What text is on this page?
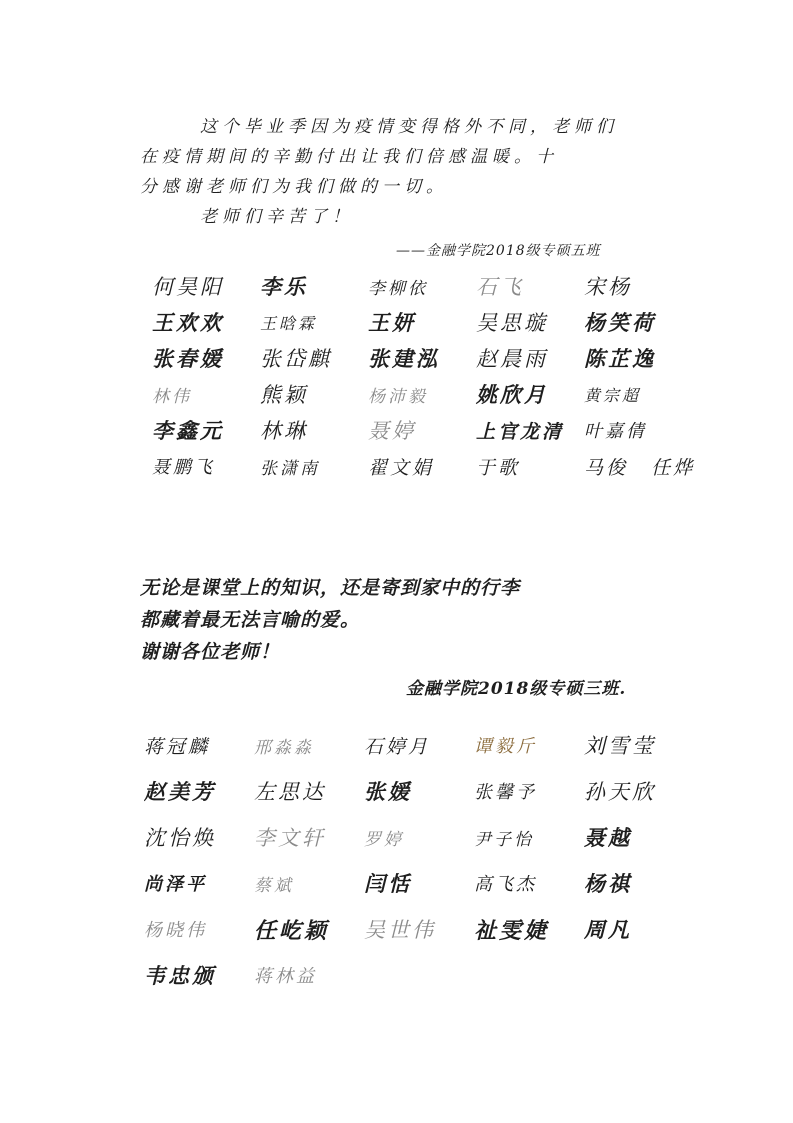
这个毕业季因为疫情变得格外不同，老师们
在疫情期间的辛勤付出让我们倍感温暖。十
分感谢老师们为我们做的一切。
老师们辛苦了！
——金融学院2018级专硕五班
何昊阳	李乐	李柳依	石飞	宋杨
王欢欢	王晗霖	王妍	吴思璇	杨笑荷
张春媛	张岱麒	张建泓	赵晨雨	陈芷逸
林伟	熊颖	杨沛毅	姚欣月	黄宗超
李鑫元	林琳	聂婷	上官龙清	叶嘉倩
聂鹏飞	张潇南	翟文娟	于歌	马俊 任烨
无论是课堂上的知识，还是寄到家中的行李
都藏着最无法言喻的爱。
谢谢各位老师！
金融学院2018级专硕三班.
蒋冠麟	邢淼淼	石婷月	谭毅斤	刘雪莹
赵美芳	左思达	张媛	张馨予	孙天欣
沈怡焕	李文轩	罗婷	尹子怡	聂越
尚泽平	蔡斌	闫恬	高飞杰	杨祺
杨晓伟	任屹颖	吴世伟	祉雯婕	周凡
韦忠颁	蒋林益
